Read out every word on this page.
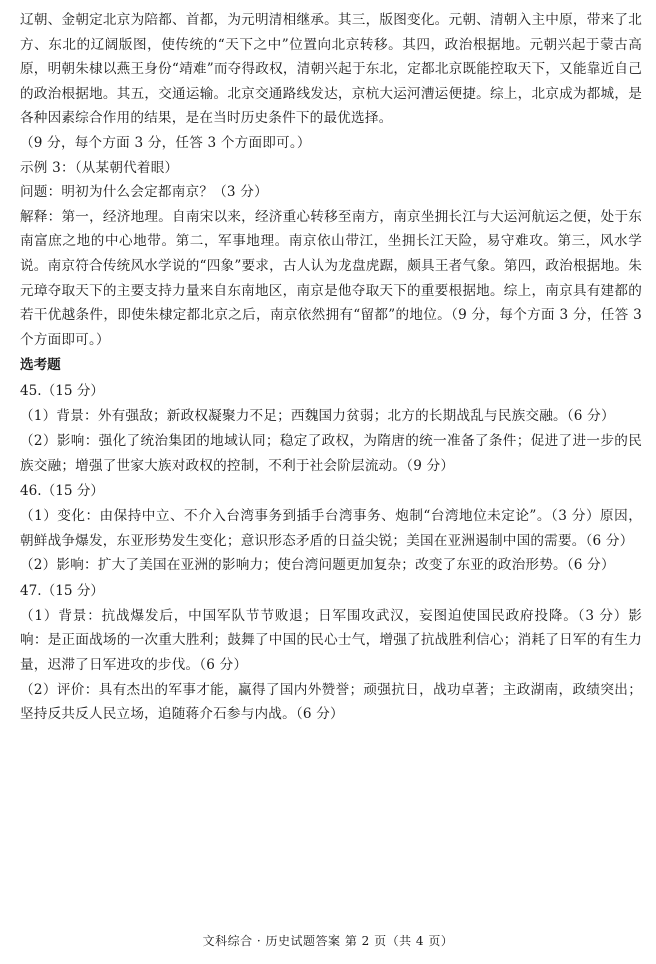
辽朝、金朝定北京为陪都、首都，为元明清相继承。其三，版图变化。元朝、清朝入主中原，带来了北方、东北的辽阔版图，使传统的“天下之中”位置向北京转移。其四，政治根据地。元朝兴起于蒙古高原，明朝朱棣以燕王身份“靖难”而夺得政权，清朝兴起于东北，定都北京既能控取天下，又能靠近自己的政治根据地。其五，交通运输。北京交通路线发达，京杭大运河漕运便捷。综上，北京成为都城，是各种因素综合作用的结果，是在当时历史条件下的最优选择。

（9 分，每个方面 3 分，任答 3 个方面即可。）

示例 3：（从某朝代着眼）

问题：明初为什么会定都南京？（3 分）

解释：第一，经济地理。自南宋以来，经济重心转移至南方，南京坐拥长江与大运河航运之便，处于东南富庶之地的中心地带。第二，军事地理。南京依山带江，坐拥长江天险，易守难攻。第三，风水学说。南京符合传统风水学说的“四象”要求，古人认为龙盘虎踞，颇具王者气象。第四，政治根据地。朱元璋夺取天下的主要支持力量来自东南地区，南京是他夺取天下的重要根据地。综上，南京具有建都的若干优越条件，即使朱棣定都北京之后，南京依然拥有“留都”的地位。（9 分，每个方面 3 分，任答 3 个方面即可。）

选考题

45.（15 分）

（1）背景：外有强敌；新政权凝聚力不足；西魏国力贫弱；北方的长期战乱与民族交融。（6 分）

（2）影响：强化了统治集团的地域认同；稳定了政权，为隋唐的统一准备了条件；促进了进一步的民族交融；增强了世家大族对政权的控制，不利于社会阶层流动。（9 分）

46.（15 分）

（1）变化：由保持中立、不介入台湾事务到插手台湾事务、炮制“台湾地位未定论”。（3 分）原因，朝鲜战争爆发，东亚形势发生变化；意识形态矛盾的日益尖锐；美国在亚洲遏制中国的需要。（6 分）

（2）影响：扩大了美国在亚洲的影响力；使台湾问题更加复杂；改变了东亚的政治形势。（6 分）

47.（15 分）

（1）背景：抗战爆发后，中国军队节节败退；日军围攻武汉，妄图迫使国民政府投降。（3 分）影响：是正面战场的一次重大胜利；鼓舞了中国的民心士气，增强了抗战胜利信心；消耗了日军的有生力量，迟滞了日军进攻的步伐。（6 分）

（2）评价：具有杰出的军事才能，赢得了国内外赞誉；顽强抗日，战功卓著；主政湖南，政绩突出；坚持反共反人民立场，追随蒋介石参与内战。（6 分）

文科综合 · 历史试题答案 第 2 页（共 4 页）
